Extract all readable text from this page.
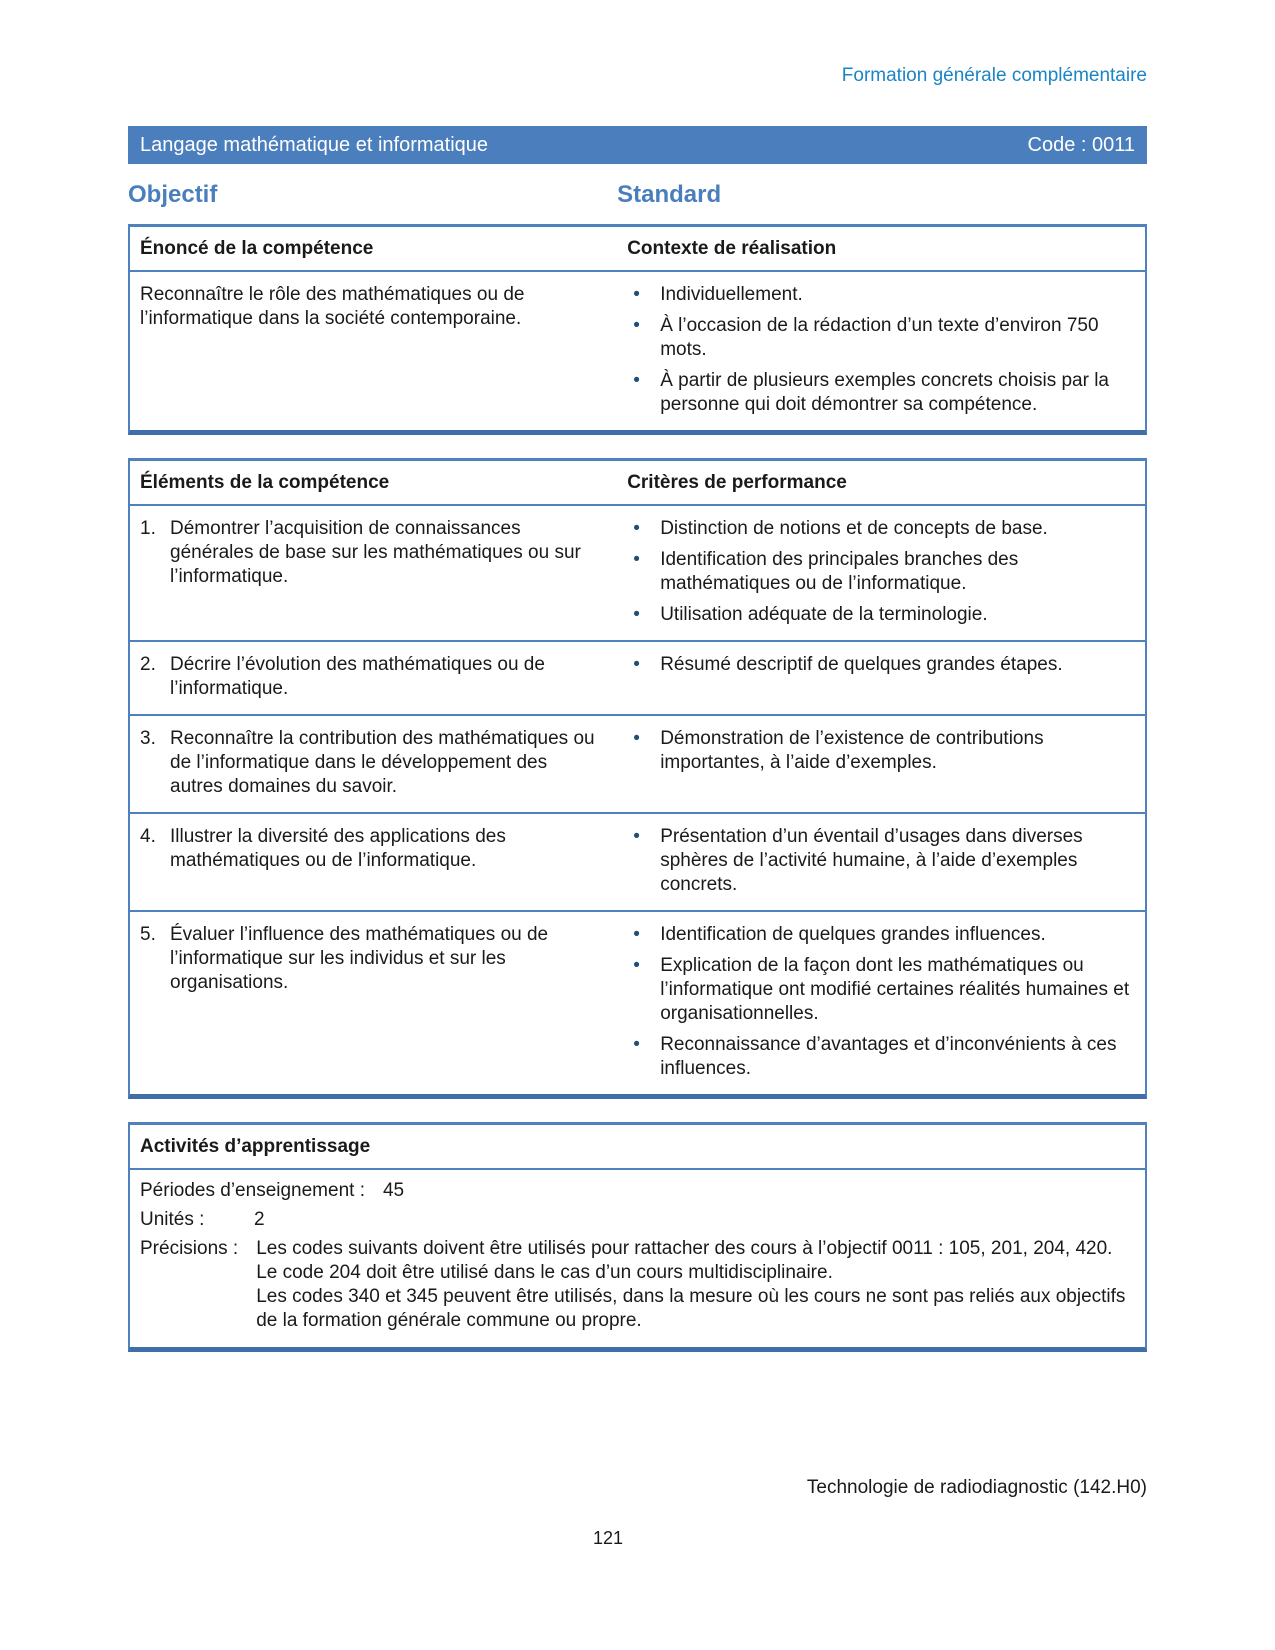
Formation générale complémentaire
Langage mathématique et informatique	Code : 0011
Objectif	Standard
Énoncé de la compétence	Contexte de réalisation
Reconnaître le rôle des mathématiques ou de l’informatique dans la société contemporaine.
•	Individuellement.
•	À l’occasion de la rédaction d’un texte d’environ 750 mots.
•	À partir de plusieurs exemples concrets choisis par la personne qui doit démontrer sa compétence.
Éléments de la compétence	Critères de performance
1. Démontrer l’acquisition de connaissances générales de base sur les mathématiques ou sur l’informatique.
•	Distinction de notions et de concepts de base.
•	Identification des principales branches des mathématiques ou de l’informatique.
•	Utilisation adéquate de la terminologie.
2. Décrire l’évolution des mathématiques ou de l’informatique.
•	Résumé descriptif de quelques grandes étapes.
3. Reconnaître la contribution des mathématiques ou de l’informatique dans le développement des autres domaines du savoir.
•	Démonstration de l’existence de contributions importantes, à l’aide d’exemples.
4. Illustrer la diversité des applications des mathématiques ou de l’informatique.
•	Présentation d’un éventail d’usages dans diverses sphères de l’activité humaine, à l’aide d’exemples concrets.
5. Évaluer l’influence des mathématiques ou de l’informatique sur les individus et sur les organisations.
•	Identification de quelques grandes influences.
•	Explication de la façon dont les mathématiques ou l’informatique ont modifié certaines réalités humaines et organisationnelles.
•	Reconnaissance d’avantages et d’inconvénients à ces influences.
Activités d’apprentissage
Périodes d’enseignement : 45
Unités :	2
Précisions : Les codes suivants doivent être utilisés pour rattacher des cours à l’objectif 0011 : 105, 201, 204, 420.
Le code 204 doit être utilisé dans le cas d’un cours multidisciplinaire.
Les codes 340 et 345 peuvent être utilisés, dans la mesure où les cours ne sont pas reliés aux objectifs de la formation générale commune ou propre.
Technologie de radiodiagnostic (142.H0)
121
